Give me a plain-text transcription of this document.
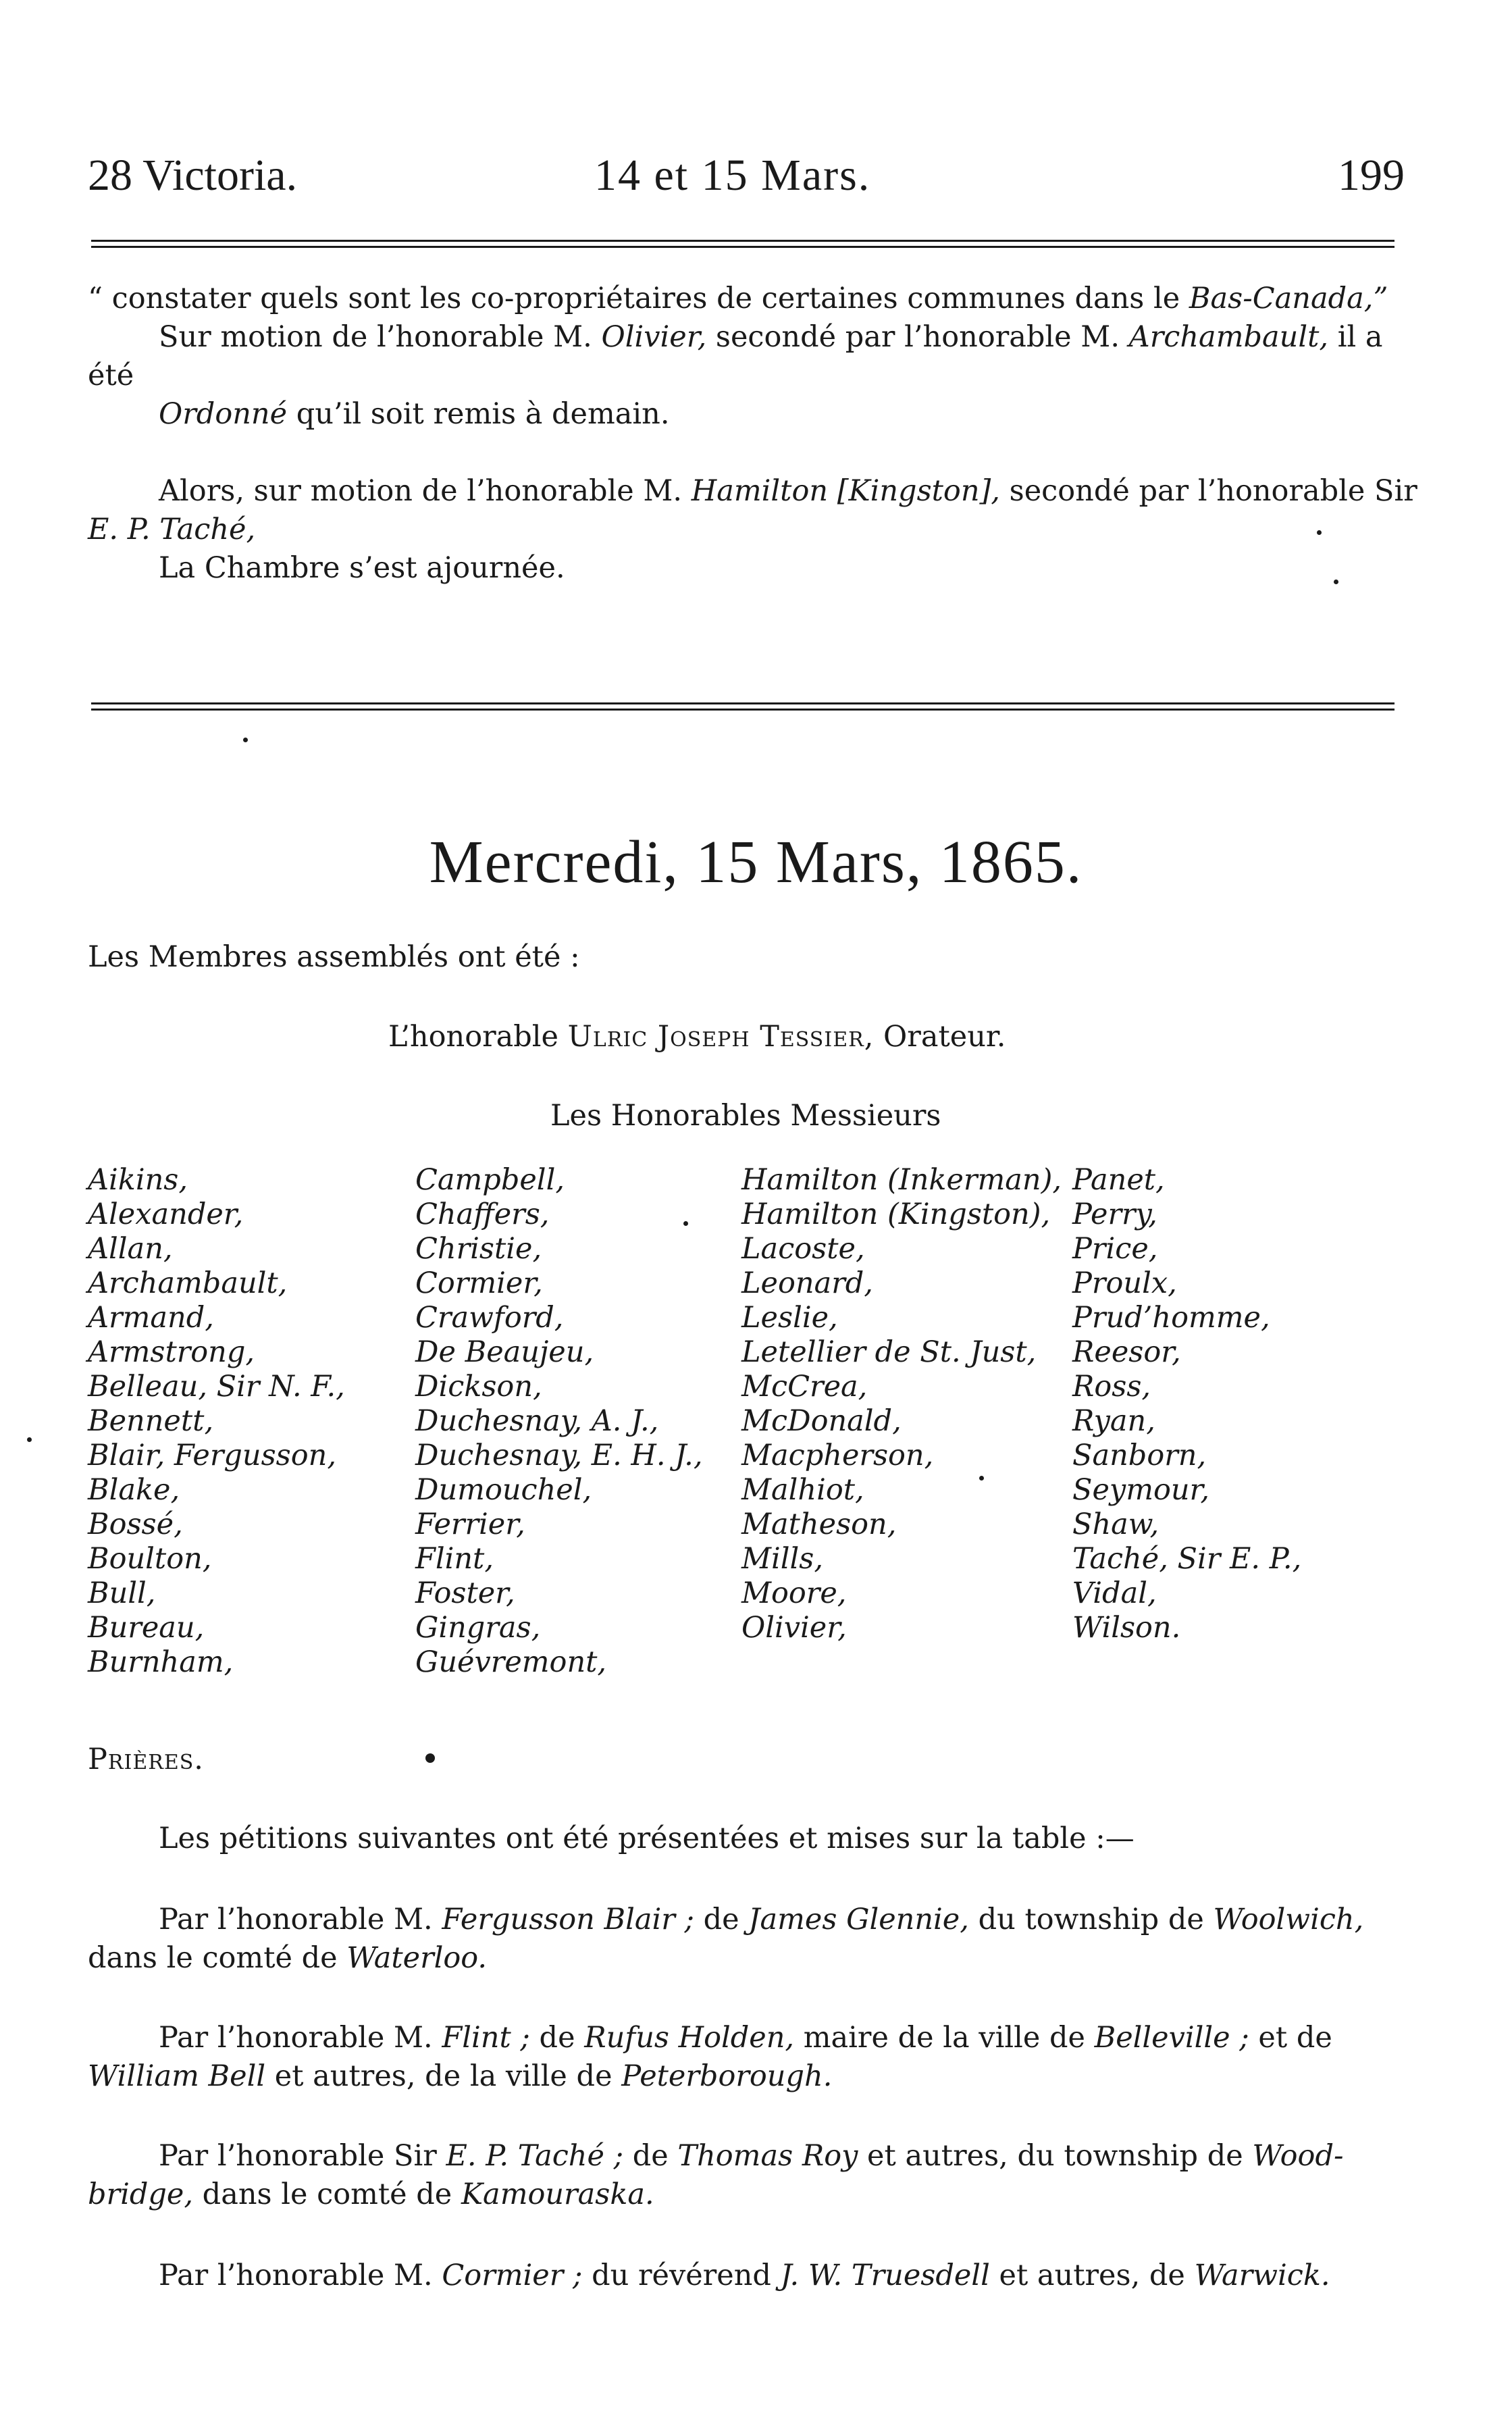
28 Victoria.	14 et 15 Mars.	199
“ constater quels sont les co-propriétaires de certaines communes dans le Bas-Canada,”
Sur motion de l’honorable M. Olivier, secondé par l’honorable M. Archambault, il a
été
Ordonné qu’il soit remis à demain.
Alors, sur motion de l’honorable M. Hamilton [Kingston], secondé par l’honorable Sir
E. P. Taché,
La Chambre s’est ajournée.
Mercredi, 15 Mars, 1865.
Les Membres assemblés ont été :
L’honorable Ulric Joseph Tessier, Orateur.
Les Honorables Messieurs
Aikins,
Alexander,
Allan,
Archambault,
Armand,
Armstrong,
Belleau, Sir N. F.,
Bennett,
Blair, Fergusson,
Blake,
Bossé,
Boulton,
Bull,
Bureau,
Burnham,
Campbell,
Chaffers,
Christie,
Cormier,
Crawford,
De Beaujeu,
Dickson,
Duchesnay, A. J.,
Duchesnay, E. H. J.,
Dumouchel,
Ferrier,
Flint,
Foster,
Gingras,
Guévremont,
Hamilton (Inkerman),
Hamilton (Kingston),
Lacoste,
Leonard,
Leslie,
Letellier de St. Just,
McCrea,
McDonald,
Macpherson,
Malhiot,
Matheson,
Mills,
Moore,
Olivier,
Panet,
Perry,
Price,
Proulx,
Prud’homme,
Reesor,
Ross,
Ryan,
Sanborn,
Seymour,
Shaw,
Taché, Sir E. P.,
Vidal,
Wilson.
Prières.
Les pétitions suivantes ont été présentées et mises sur la table :—
Par l’honorable M. Fergusson Blair ; de James Glennie, du township de Woolwich,
dans le comté de Waterloo.
Par l’honorable M. Flint ; de Rufus Holden, maire de la ville de Belleville ; et de
William Bell et autres, de la ville de Peterborough.
Par l’honorable Sir E. P. Taché ; de Thomas Roy et autres, du township de Wood-
bridge, dans le comté de Kamouraska.
Par l’honorable M. Cormier ; du révérend J. W. Truesdell et autres, de Warwick.
